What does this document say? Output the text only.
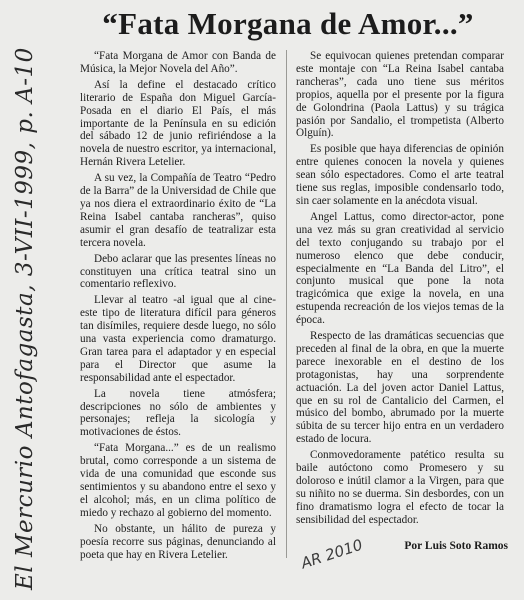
“Fata Morgana de Amor...”

“Fata Morgana de Amor con Banda de Música, la Mejor Novela del Año”.

Así la define el destacado crítico literario de España don Miguel García-Posada en el diario El País, el más importante de la Península en su edición del sábado 12 de junio refiriéndose a la novela de nuestro escritor, ya internacional, Hernán Rivera Letelier.

A su vez, la Compañía de Teatro “Pedro de la Barra” de la Universidad de Chile que ya nos diera el extraordinario éxito de “La Reina Isabel cantaba rancheras”, quiso asumir el gran desafío de teatralizar esta tercera novela.

Debo aclarar que las presentes líneas no constituyen una crítica teatral sino un comentario reflexivo.

Llevar al teatro -al igual que al cine- este tipo de literatura difícil para géneros tan disímiles, requiere desde luego, no sólo una vasta experiencia como dramaturgo. Gran tarea para el adaptador y en especial para el Director que asume la responsabilidad ante el espectador.

La novela tiene atmósfera; descripciones no sólo de ambientes y personajes; refleja la sicología y motivaciones de éstos.

“Fata Morgana...” es de un realismo brutal, como corresponde a un sistema de vida de una comunidad que esconde sus sentimientos y su abandono entre el sexo y el alcohol; más, en un clima político de miedo y rechazo al gobierno del momento.

No obstante, un hálito de pureza y poesía recorre sus páginas, denunciando al poeta que hay en Rivera Letelier.

Se equivocan quienes pretendan comparar este montaje con “La Reina Isabel cantaba rancheras”, cada uno tiene sus méritos propios, aquella por el presente por la figura de Golondrina (Paola Lattus) y su trágica pasión por Sandalio, el trompetista (Alberto Olguín).

Es posible que haya diferencias de opinión entre quienes conocen la novela y quienes sean sólo espectadores. Como el arte teatral tiene sus reglas, imposible condensarlo todo, sin caer solamente en la anécdota visual.

Angel Lattus, como director-actor, pone una vez más su gran creatividad al servicio del texto conjugando su trabajo por el numeroso elenco que debe conducir, especialmente en “La Banda del Litro”, el conjunto musical que pone la nota tragicómica que exige la novela, en una estupenda recreación de los viejos temas de la época.

Respecto de las dramáticas secuencias que preceden al final de la obra, en que la muerte parece inexorable en el destino de los protagonistas, hay una sorprendente actuación. La del joven actor Daniel Lattus, que en su rol de Cantalicio del Carmen, el músico del bombo, abrumado por la muerte súbita de su tercer hijo entra en un verdadero estado de locura.

Conmovedoramente patético resulta su baile autóctono como Promesero y su doloroso e inútil clamor a la Virgen, para que su niñito no se duerma. Sin desbordes, con un fino dramatismo logra el efecto de tocar la sensibilidad del espectador.

Por Luis Soto Ramos
El Mercurio Antofagasta, 3-VII-1999, p. A-10	AR 2010
